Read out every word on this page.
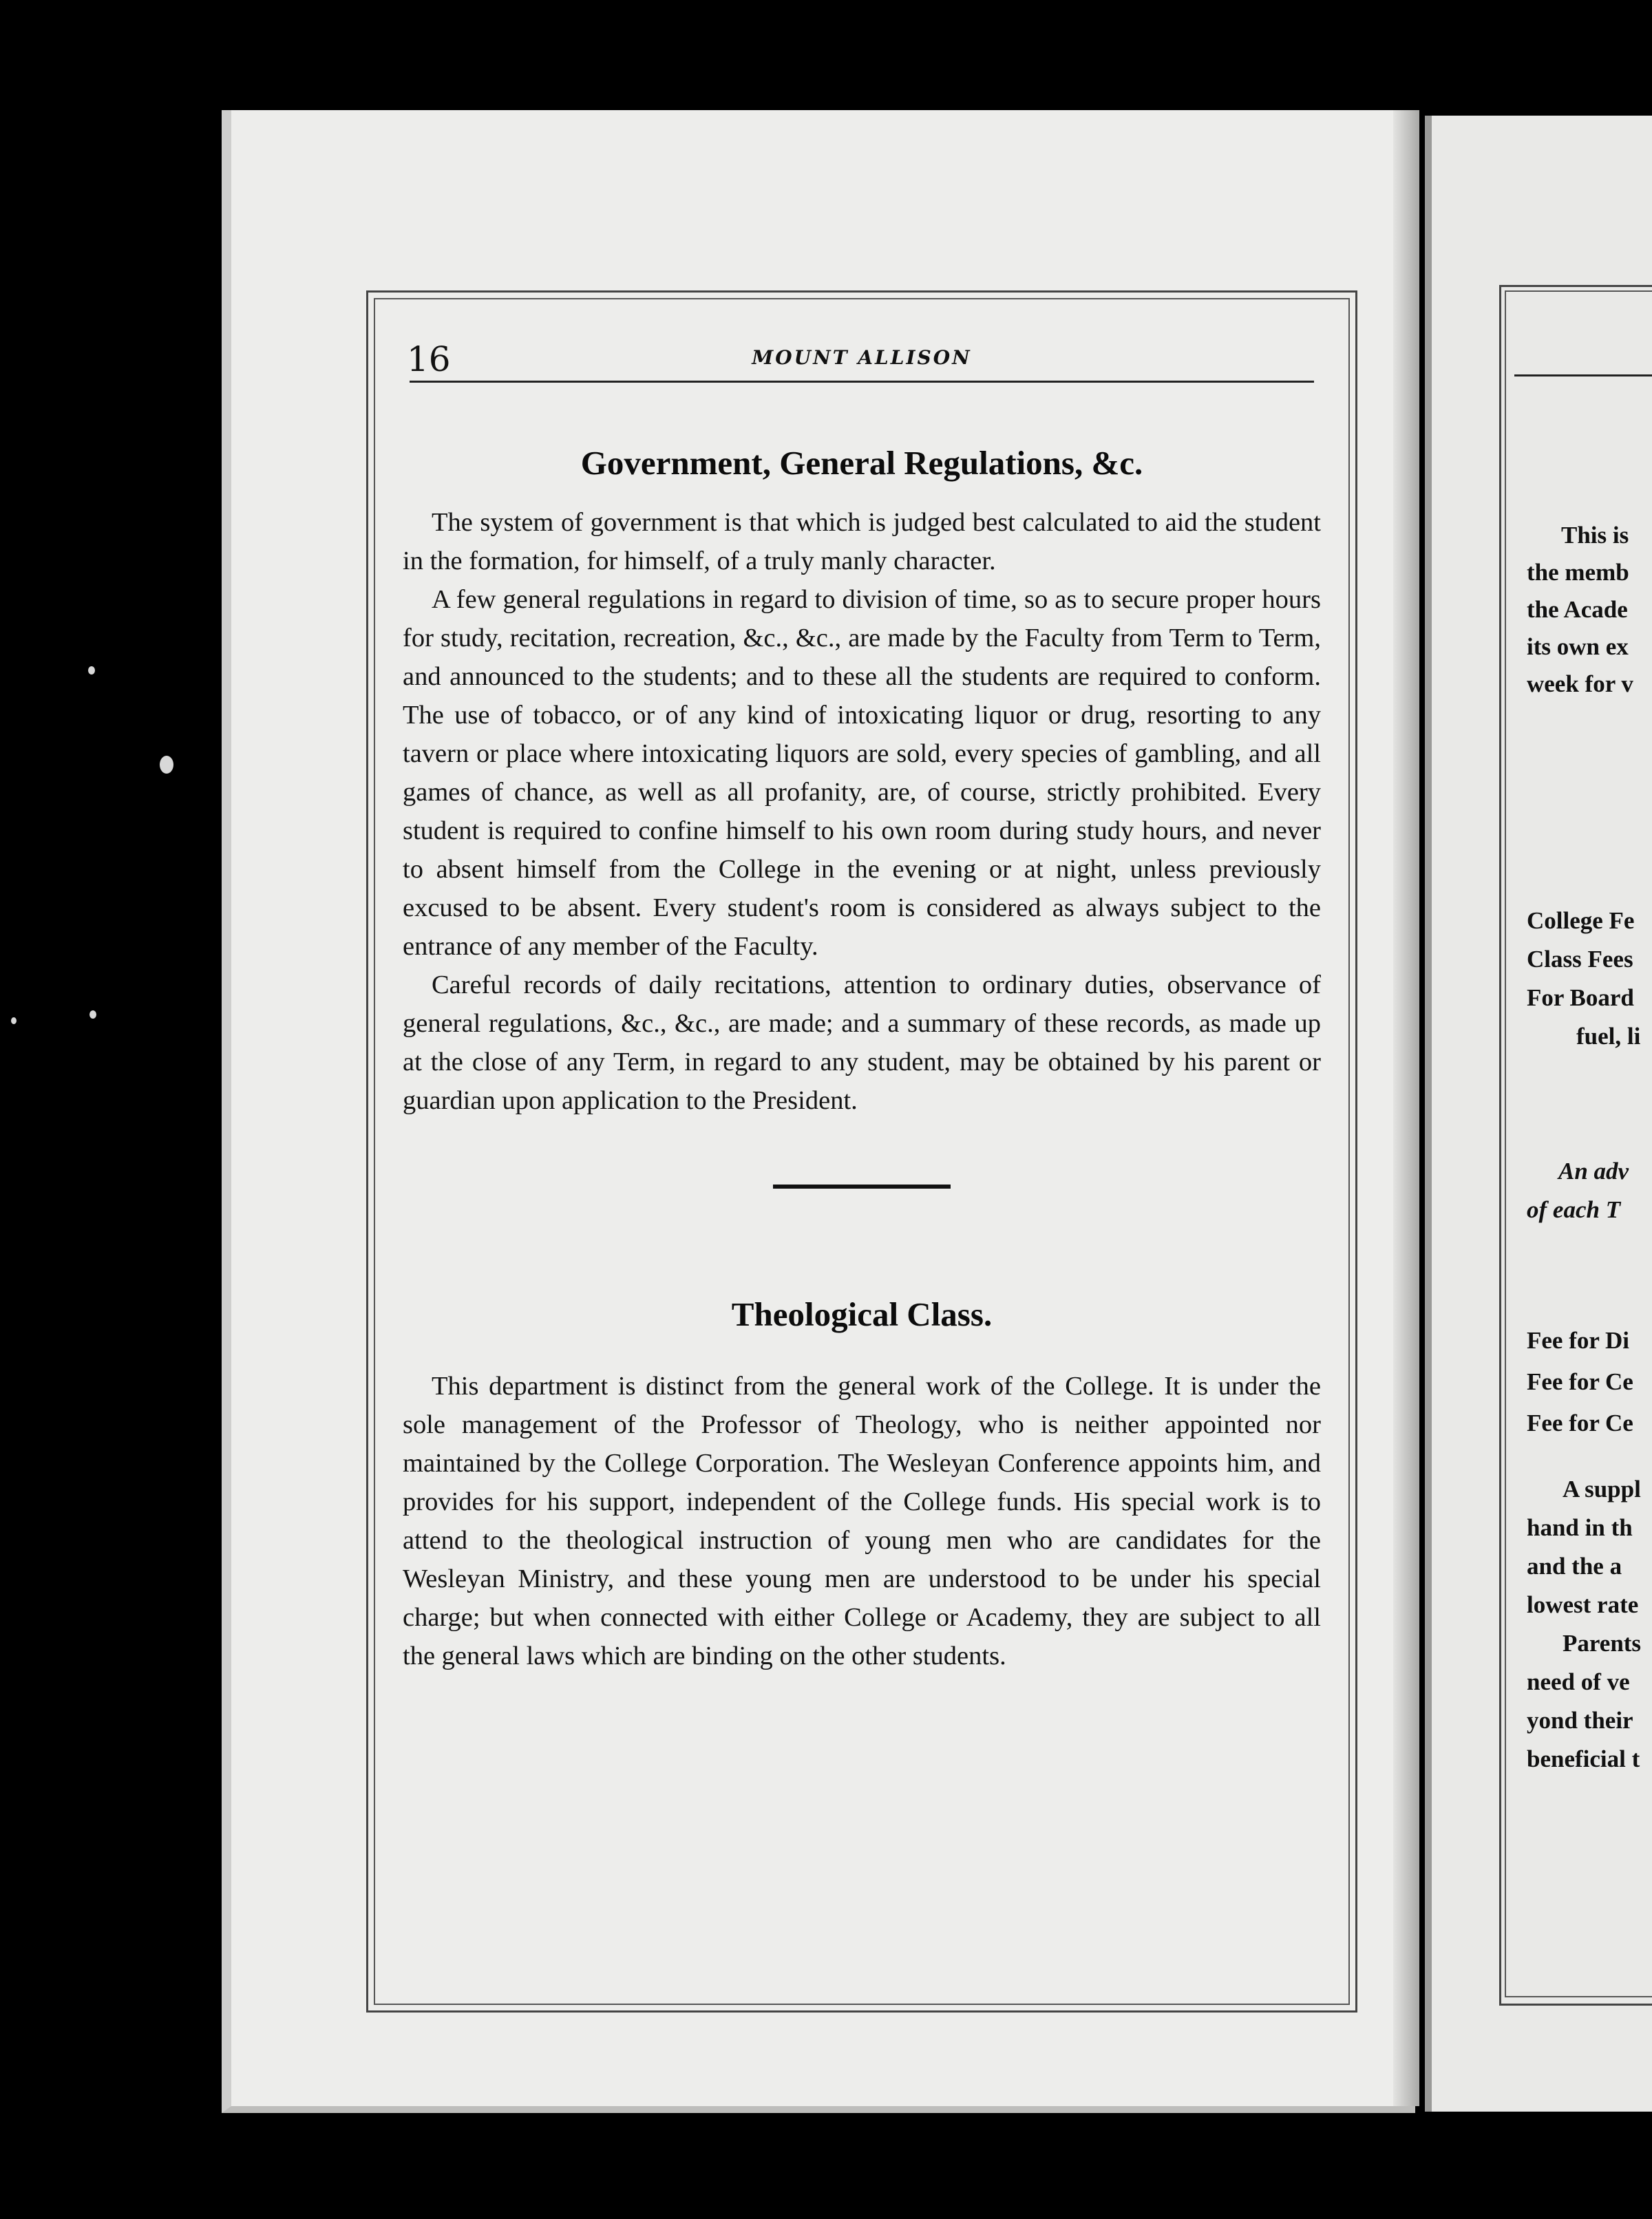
16	MOUNT ALLISON
Government, General Regulations, &c.

The system of government is that which is judged best calculated to aid the student in the formation, for himself, of a truly manly character.

A few general regulations in regard to division of time, so as to secure proper hours for study, recitation, recreation, &c., &c., are made by the Faculty from Term to Term, and announced to the students; and to these all the students are required to conform. The use of tobacco, or of any kind of intoxicating liquor or drug, resorting to any tavern or place where intoxicating liquors are sold, every species of gambling, and all games of chance, as well as all profanity, are, of course, strictly prohibited. Every student is required to confine himself to his own room during study hours, and never to absent himself from the College in the evening or at night, unless previously excused to be absent. Every student's room is considered as always subject to the entrance of any member of the Faculty.

Careful records of daily recitations, attention to ordinary duties, observance of general regulations, &c., &c., are made; and a summary of these records, as made up at the close of any Term, in regard to any student, may be obtained by his parent or guardian upon application to the President.

Theological Class.

This department is distinct from the general work of the College. It is under the sole management of the Professor of Theology, who is neither appointed nor maintained by the College Corporation. The Wesleyan Conference appoints him, and provides for his support, independent of the College funds. His special work is to attend to the theological instruction of young men who are candidates for the Wesleyan Ministry, and these young men are understood to be under his special charge; but when connected with either College or Academy, they are subject to all the general laws which are binding on the other students.

This is
the memb
the Acade
its own ex
week for v
College Fe
Class Fees
For Board
fuel, li
An adv
of each T
Fee for Di
Fee for Ce
Fee for Ce
A suppl
hand in th
and the a
lowest rate
Parents
need of ve
yond their
beneficial t
